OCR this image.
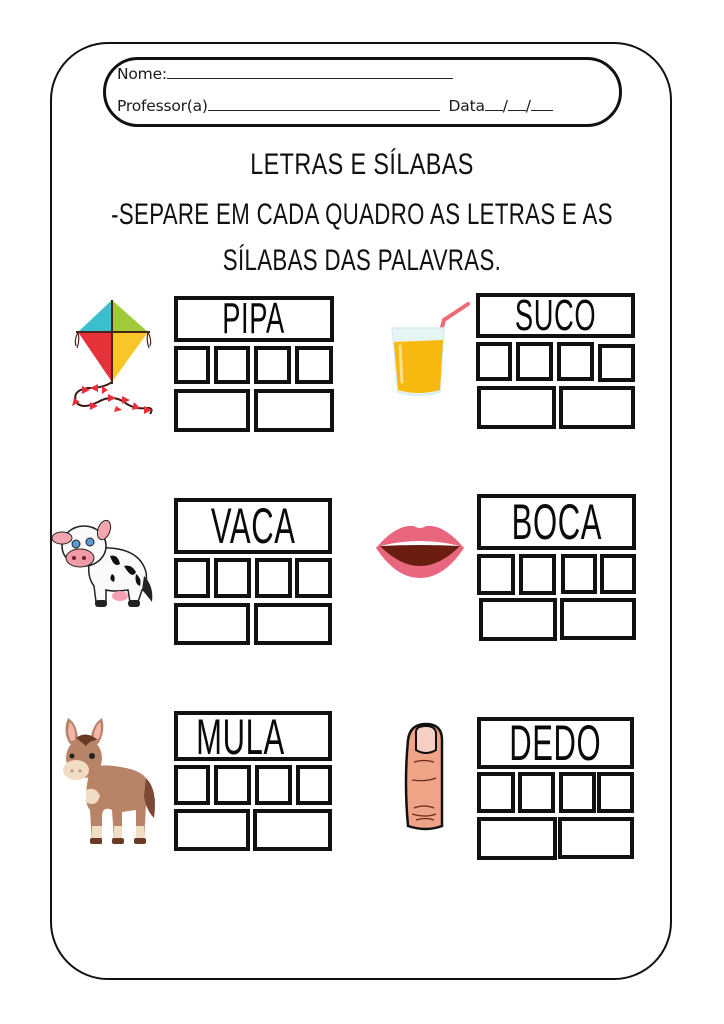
Nome:
Professor(a)	Data / /
LETRAS E SÍLABAS
-SEPARE EM CADA QUADRO AS LETRAS E AS
SÍLABAS DAS PALAVRAS.
PIPA	SUCO
VACA	BOCA
MULA	DEDO
